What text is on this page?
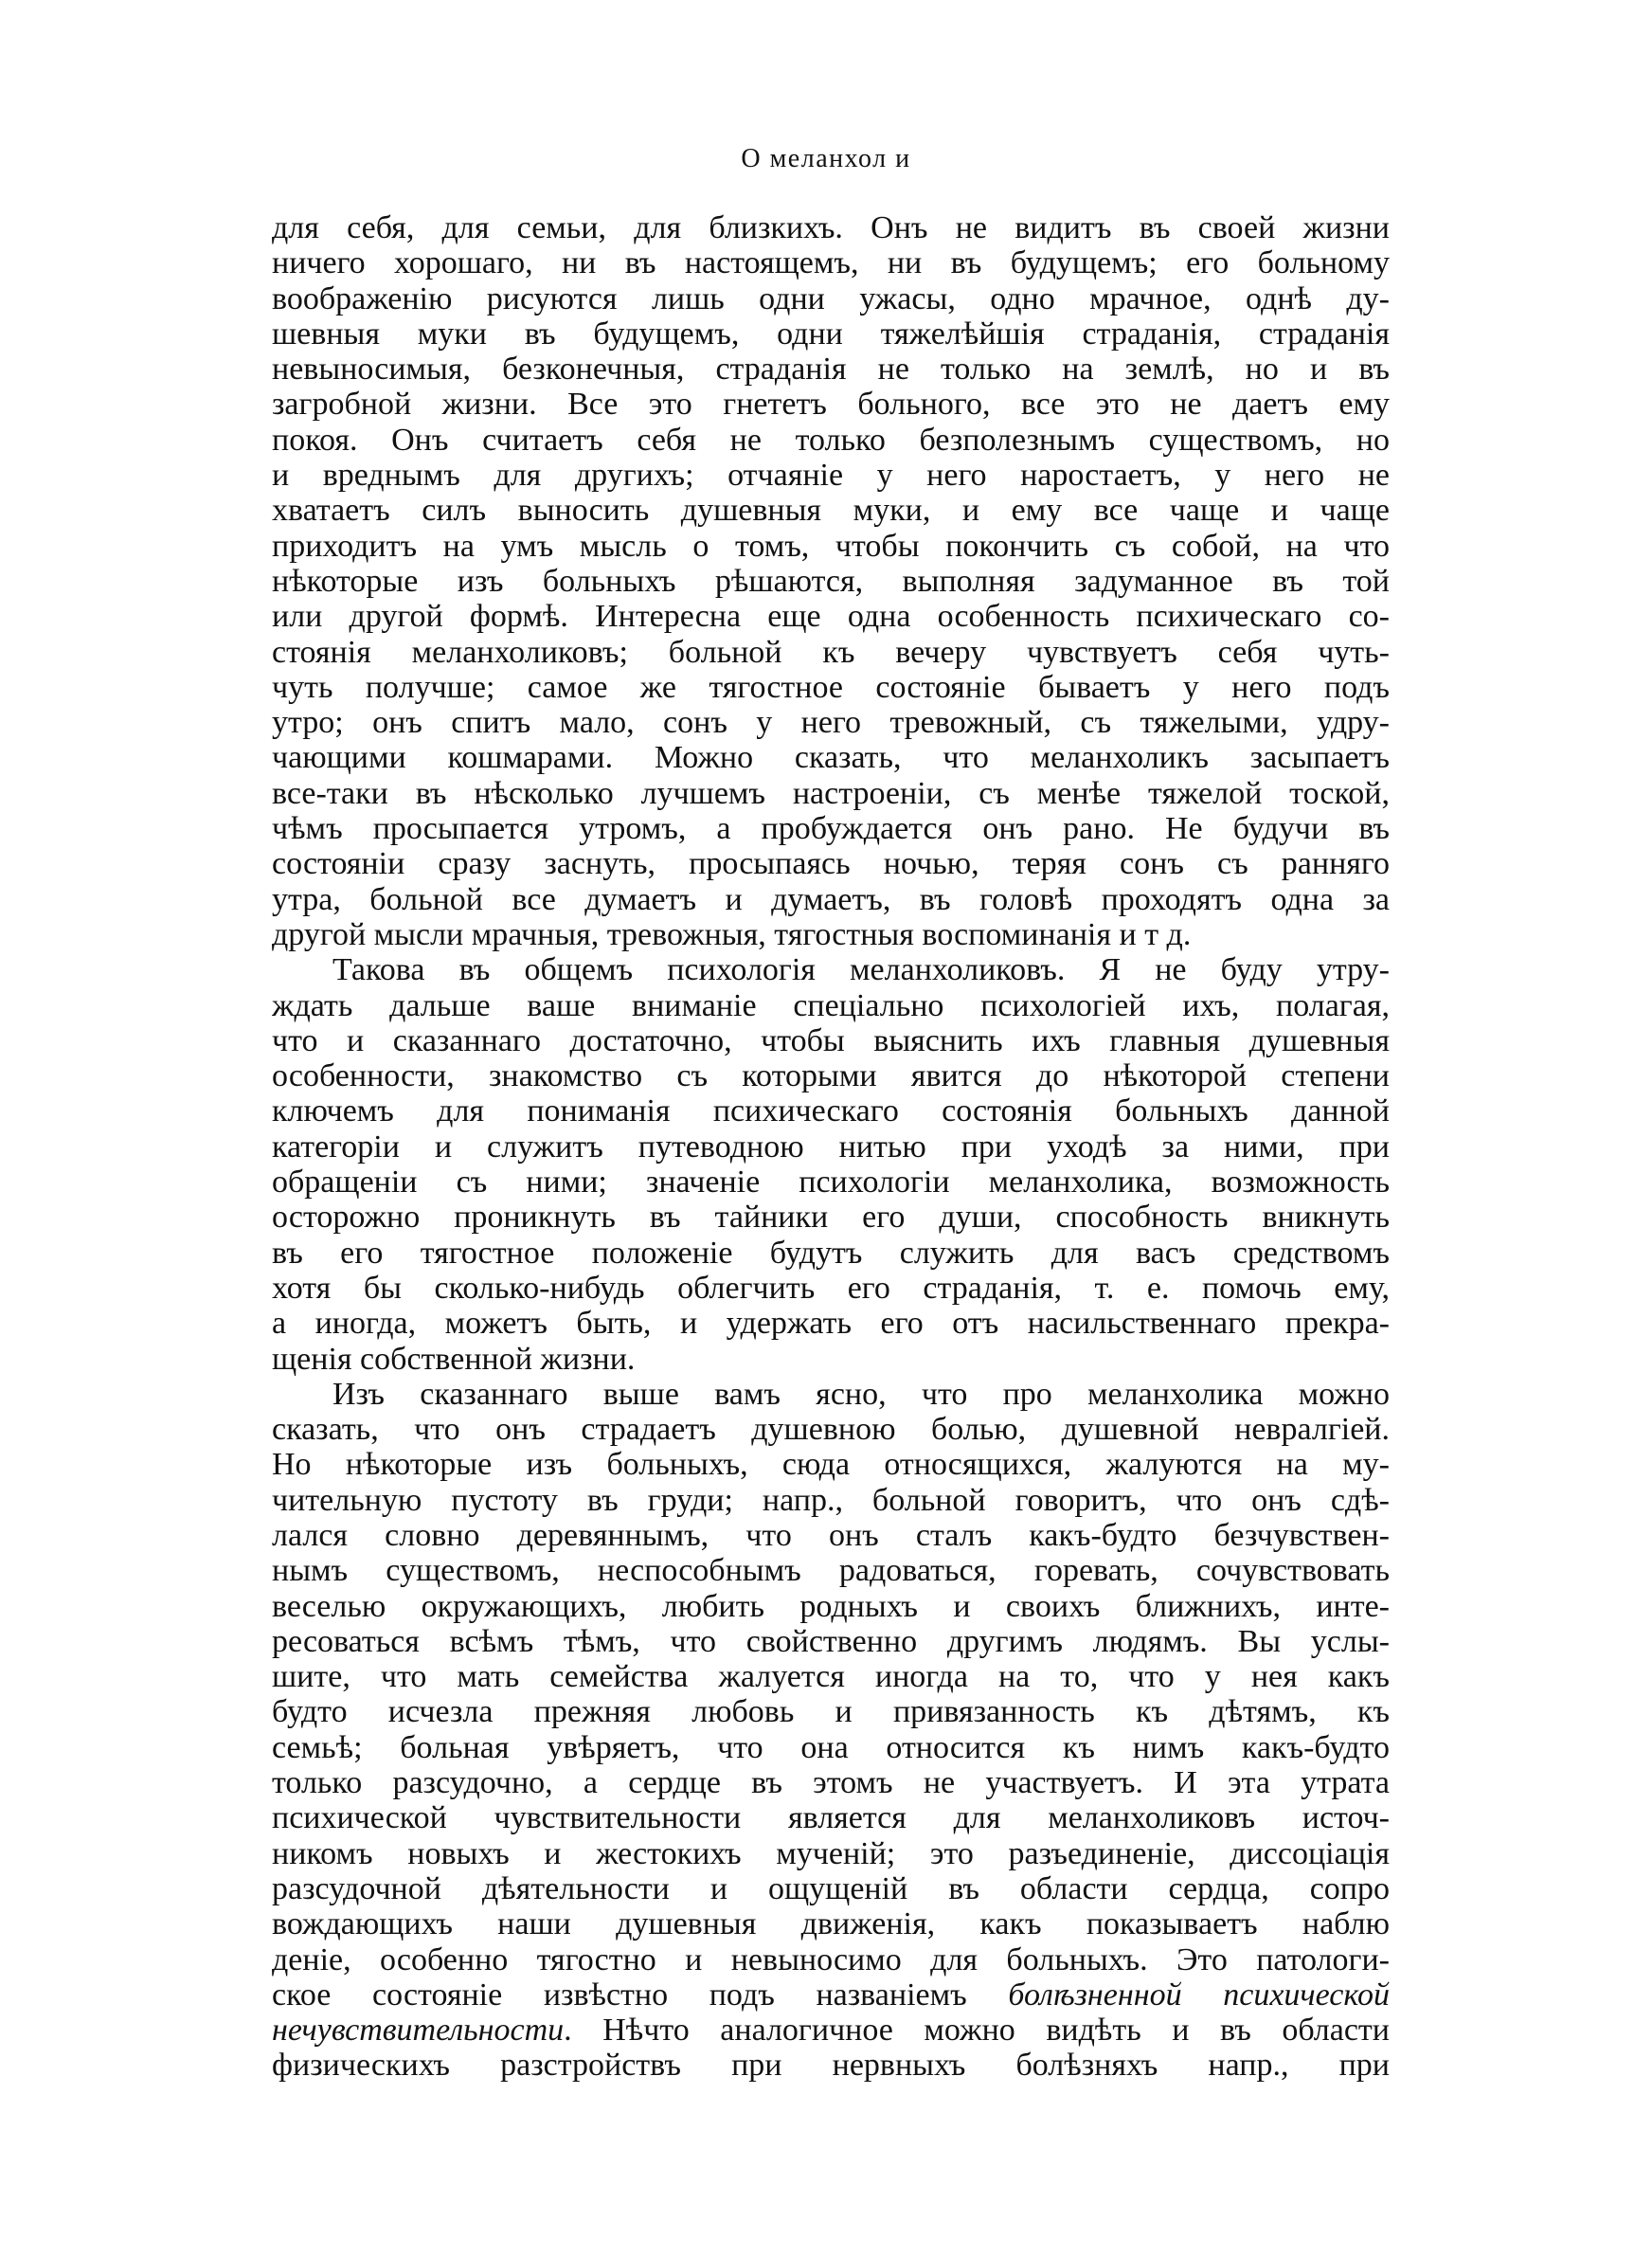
О меланхол и
для себя, для семьи, для близкихъ. Онъ не видитъ въ своей жизни
ничего хорошаго, ни въ настоящемъ, ни въ будущемъ; его больному
воображенію рисуются лишь одни ужасы, одно мрачное, однѣ ду-
шевныя муки въ будущемъ, одни тяжелѣйшія страданія, страданія
невыносимыя, безконечныя, страданія не только на землѣ, но и въ
загробной жизни. Все это гнететъ больного, все это не даетъ ему
покоя. Онъ считаетъ себя не только безполезнымъ существомъ, но
и вреднымъ для другихъ; отчаяніе у него наростаетъ, у него не
хватаетъ силъ выносить душевныя муки, и ему все чаще и чаще
приходитъ на умъ мысль о томъ, чтобы покончить съ собой, на что
нѣкоторые изъ больныхъ рѣшаются, выполняя задуманное въ той
или другой формѣ. Интересна еще одна особенность психическаго со-
стоянія меланхоликовъ; больной къ вечеру чувствуетъ себя чуть-
чуть получше; самое же тягостное состояніе бываетъ у него подъ
утро; онъ спитъ мало, сонъ у него тревожный, съ тяжелыми, удру-
чающими кошмарами. Можно сказать, что меланхоликъ засыпаетъ
все-таки въ нѣсколько лучшемъ настроеніи, съ менѣе тяжелой тоской,
чѣмъ просыпается утромъ, а пробуждается онъ рано. Не будучи въ
состояніи сразу заснуть, просыпаясь ночью, теряя сонъ съ ранняго
утра, больной все думаетъ и думаетъ, въ головѣ проходятъ одна за
другой мысли мрачныя, тревожныя, тягостныя воспоминанія и т д.
Такова въ общемъ психологія меланхоликовъ. Я не буду утру-
ждать дальше ваше вниманіе спеціально психологіей ихъ, полагая,
что и сказаннаго достаточно, чтобы выяснить ихъ главныя душевныя
особенности, знакомство съ которыми явится до нѣкоторой степени
ключемъ для пониманія психическаго состоянія больныхъ данной
категоріи и служитъ путеводною нитью при уходѣ за ними, при
обращеніи съ ними; значеніе психологіи меланхолика, возможность
осторожно проникнуть въ тайники его души, способность вникнуть
въ его тягостное положеніе будутъ служить для васъ средствомъ
хотя бы сколько-нибудь облегчить его страданія, т. е. помочь ему,
а иногда, можетъ быть, и удержать его отъ насильственнаго прекра-
щенія собственной жизни.
Изъ сказаннаго выше вамъ ясно, что про меланхолика можно
сказать, что онъ страдаетъ душевною болью, душевной невралгіей.
Но нѣкоторые изъ больныхъ, сюда относящихся, жалуются на му-
чительную пустоту въ груди; напр., больной говоритъ, что онъ сдѣ-
лался словно деревяннымъ, что онъ сталъ какъ-будто безчувствен-
нымъ существомъ, неспособнымъ радоваться, горевать, сочувствовать
веселью окружающихъ, любить родныхъ и своихъ ближнихъ, инте-
ресоваться всѣмъ тѣмъ, что свойственно другимъ людямъ. Вы услы-
шите, что мать семейства жалуется иногда на то, что у нея какъ
будто исчезла прежняя любовь и привязанность къ дѣтямъ, къ
семьѣ; больная увѣряетъ, что она относится къ нимъ какъ-будто
только разсудочно, а сердце въ этомъ не участвуетъ. И эта утрата
психической чувствительности является для меланхоликовъ источ-
никомъ новыхъ и жестокихъ мученій; это разъединеніе, диссоціація
разсудочной дѣятельности и ощущеній въ области сердца, сопро
вождающихъ наши душевныя движенія, какъ показываетъ наблю
деніе, особенно тягостно и невыносимо для больныхъ. Это патологи-
ское состояніе извѣстно подъ названіемъ болѣзненной психической
нечувствительности. Нѣчто аналогичное можно видѣть и въ области
физическихъ разстройствъ при нервныхъ болѣзняхъ напр., при
